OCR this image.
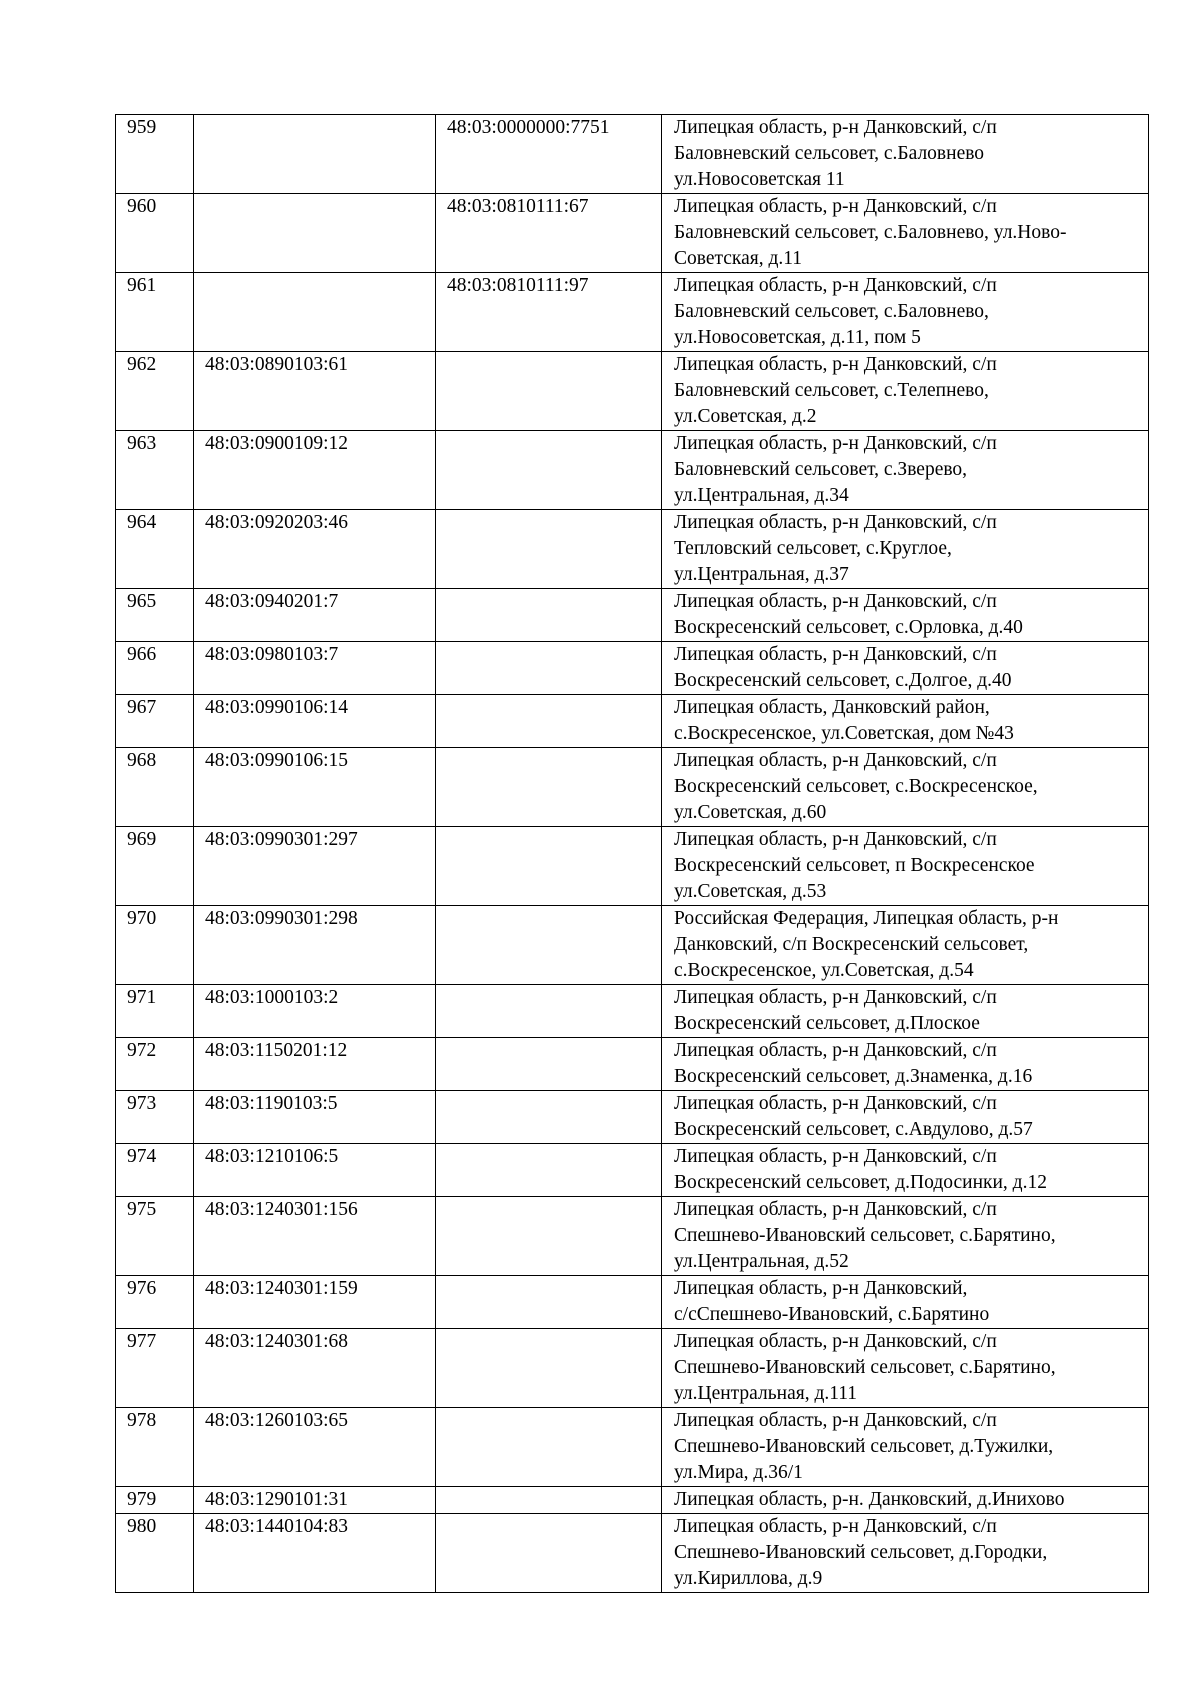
959		48:03:0000000:7751	Липецкая область, р-н Данковский, с/п
Баловневский сельсовет, с.Баловнево
ул.Новосоветская 11

960		48:03:0810111:67	Липецкая область, р-н Данковский, с/п
Баловневский сельсовет, с.Баловнево, ул.Ново-
Советская, д.11

961		48:03:0810111:97	Липецкая область, р-н Данковский, с/п
Баловневский сельсовет, с.Баловнево,
ул.Новосоветская, д.11, пом 5

962	48:03:0890103:61		Липецкая область, р-н Данковский, с/п
Баловневский сельсовет, с.Телепнево,
ул.Советская, д.2

963	48:03:0900109:12		Липецкая область, р-н Данковский, с/п
Баловневский сельсовет, с.Зверево,
ул.Центральная, д.34

964	48:03:0920203:46		Липецкая область, р-н Данковский, с/п
Тепловский сельсовет, с.Круглое,
ул.Центральная, д.37

965	48:03:0940201:7		Липецкая область, р-н Данковский, с/п
Воскресенский сельсовет, с.Орловка, д.40

966	48:03:0980103:7		Липецкая область, р-н Данковский, с/п
Воскресенский сельсовет, с.Долгое, д.40

967	48:03:0990106:14		Липецкая область, Данковский район,
с.Воскресенское, ул.Советская, дом №43

968	48:03:0990106:15		Липецкая область, р-н Данковский, с/п
Воскресенский сельсовет, с.Воскресенское,
ул.Советская, д.60

969	48:03:0990301:297		Липецкая область, р-н Данковский, с/п
Воскресенский сельсовет, п Воскресенское
ул.Советская, д.53

970	48:03:0990301:298		Российская Федерация, Липецкая область, р-н
Данковский, с/п Воскресенский сельсовет,
с.Воскресенское, ул.Советская, д.54

971	48:03:1000103:2		Липецкая область, р-н Данковский, с/п
Воскресенский сельсовет, д.Плоское

972	48:03:1150201:12		Липецкая область, р-н Данковский, с/п
Воскресенский сельсовет, д.Знаменка, д.16

973	48:03:1190103:5		Липецкая область, р-н Данковский, с/п
Воскресенский сельсовет, с.Авдулово, д.57

974	48:03:1210106:5		Липецкая область, р-н Данковский, с/п
Воскресенский сельсовет, д.Подосинки, д.12

975	48:03:1240301:156		Липецкая область, р-н Данковский, с/п
Спешнево-Ивановский сельсовет, с.Барятино,
ул.Центральная, д.52

976	48:03:1240301:159		Липецкая область, р-н Данковский,
с/сСпешнево-Ивановский, с.Барятино

977	48:03:1240301:68		Липецкая область, р-н Данковский, с/п
Спешнево-Ивановский сельсовет, с.Барятино,
ул.Центральная, д.111

978	48:03:1260103:65		Липецкая область, р-н Данковский, с/п
Спешнево-Ивановский сельсовет, д.Тужилки,
ул.Мира, д.36/1

979	48:03:1290101:31		Липецкая область, р-н. Данковский, д.Инихово

980	48:03:1440104:83		Липецкая область, р-н Данковский, с/п
Спешнево-Ивановский сельсовет, д.Городки,
ул.Кириллова, д.9
